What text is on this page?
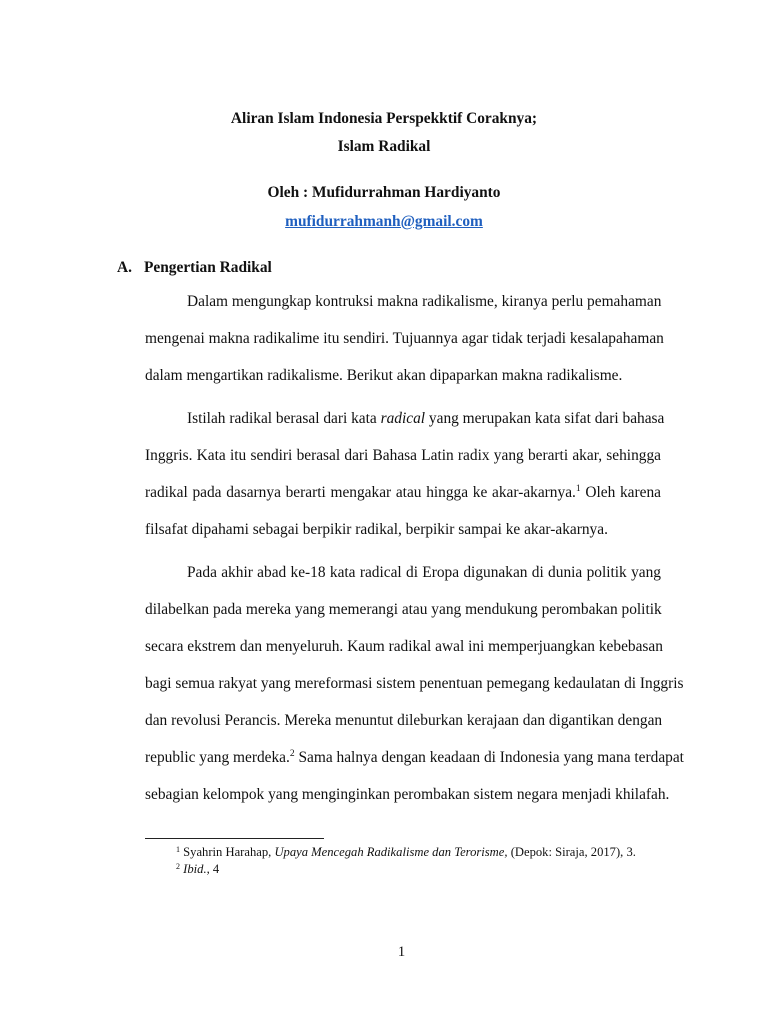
Aliran Islam Indonesia Perspekktif Coraknya;

Islam Radikal

Oleh : Mufidurrahman Hardiyanto

mufidurrahmanh@gmail.com
A. Pengertian Radikal
Dalam mengungkap kontruksi makna radikalisme, kiranya perlu pemahaman
mengenai makna radikalime itu sendiri. Tujuannya agar tidak terjadi kesalapahaman
dalam mengartikan radikalisme. Berikut akan dipaparkan makna radikalisme.
Istilah radikal berasal dari kata radical yang merupakan kata sifat dari bahasa
Inggris. Kata itu sendiri berasal dari Bahasa Latin radix yang berarti akar, sehingga
radikal pada dasarnya berarti mengakar atau hingga ke akar-akarnya.$^1$ Oleh karena
filsafat dipahami sebagai berpikir radikal, berpikir sampai ke akar-akarnya.
Pada akhir abad ke-18 kata radical di Eropa digunakan di dunia politik yang
dilabelkan pada mereka yang memerangi atau yang mendukung perombakan politik
secara ekstrem dan menyeluruh. Kaum radikal awal ini memperjuangkan kebebasan
bagi semua rakyat yang mereformasi sistem penentuan pemegang kedaulatan di Inggris
dan revolusi Perancis. Mereka menuntut dileburkan kerajaan dan digantikan dengan
republic yang merdeka.$^2$ Sama halnya dengan keadaan di Indonesia yang mana terdapat
sebagian kelompok yang menginginkan perombakan sistem negara menjadi khilafah.

$^1$ Syahrin Harahap, Upaya Mencegah Radikalisme dan Terorisme, (Depok: Siraja, 2017), 3.

$^2$ Ibid., 4

1
